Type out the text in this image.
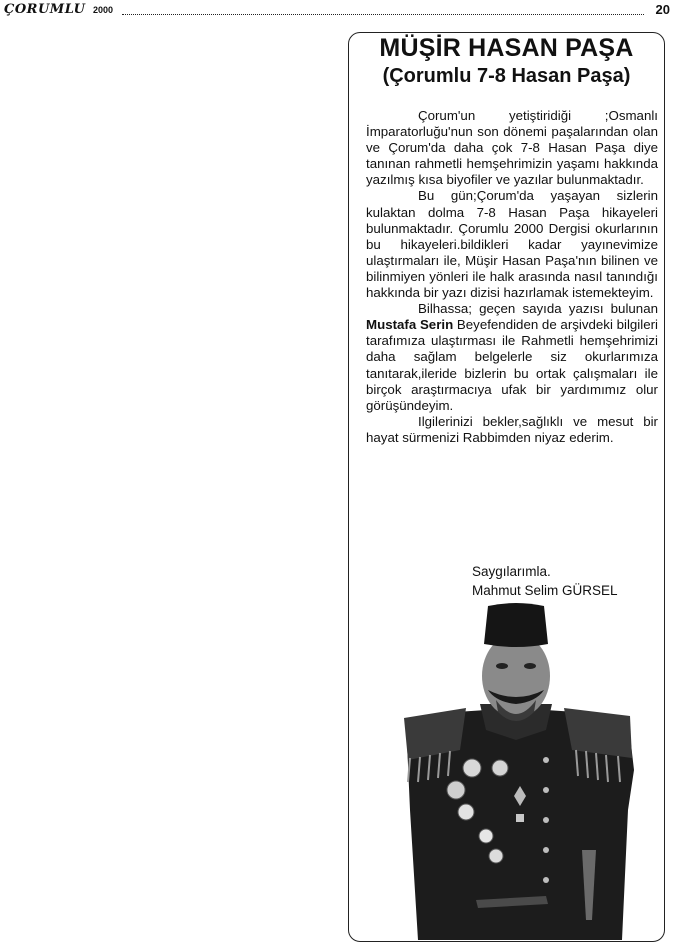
ÇORUMLU 2000	20
MÜŞİR HASAN PAŞA
(Çorumlu 7-8 Hasan Paşa)

Çorum'un yetiştiridiği ;Osmanlı İmparatorluğu'nun son dönemi paşalarından olan ve Çorum'da daha çok 7-8 Hasan Paşa diye tanınan rahmetli hemşehrimizin yaşamı hakkında yazılmış kısa biyofiler ve yazılar bulunmaktadır.

Bu gün;Çorum'da yaşayan sizlerin kulaktan dolma 7-8 Hasan Paşa hikayeleri bulunmaktadır. Çorumlu 2000 Dergisi okurlarının bu hikayeleri.bildikleri kadar yayınevimize ulaştırmaları ile, Müşir Hasan Paşa'nın bilinen ve bilinmiyen yönleri ile halk arasında nasıl tanındığı hakkında bir yazı dizisi hazırlamak istemekteyim.

Bilhassa; geçen sayıda yazısı bulunan Mustafa Serin Beyefendiden de arşivdeki bilgileri tarafımıza ulaştırması ile Rahmetli hemşehrimizi daha sağlam belgelerle siz okurlarımıza tanıtarak,ileride bizlerin bu ortak çalışmaları ile birçok araştırmacıya ufak bir yardımımız olur görüşündeyim.

Ilgilerinizi bekler,sağlıklı ve mesut bir hayat sürmenizi Rabbimden niyaz ederim.

Saygılarımla.
Mahmut Selim GÜRSEL
